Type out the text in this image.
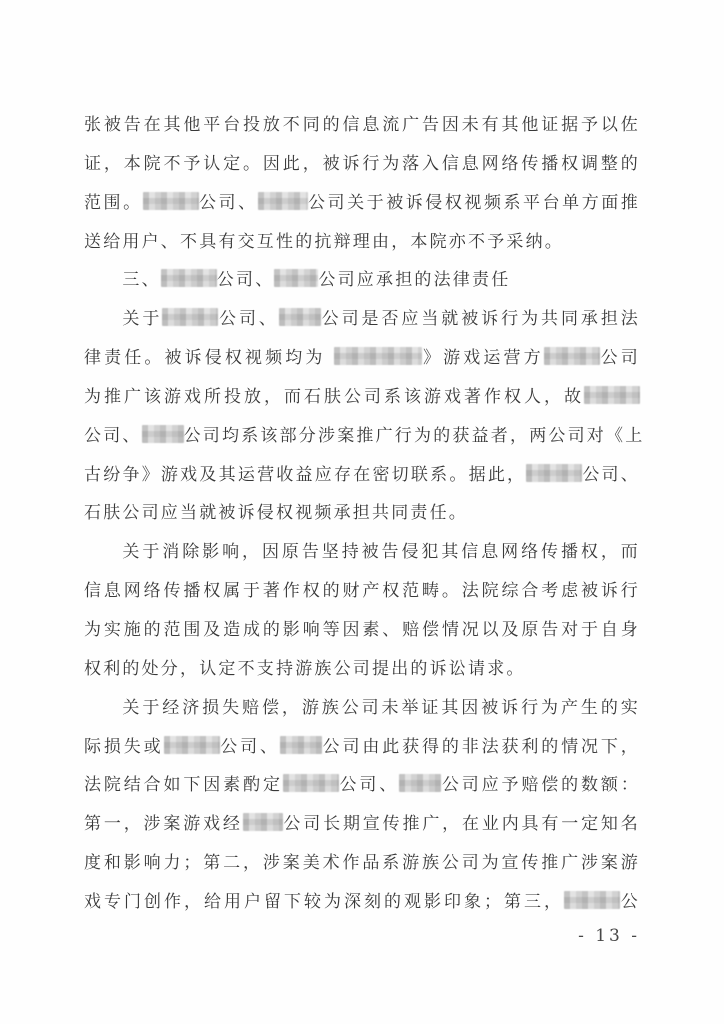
张被告在其他平台投放不同的信息流广告因未有其他证据予以佐
证，本院不予认定。因此，被诉行为落入信息网络传播权调整的
范围。	公司、	公司关于被诉侵权视频系平台单方面推
送给用户、不具有交互性的抗辩理由，本院亦不予采纳。
三、	公司、	公司应承担的法律责任
关于	公司、 公司是否应当就被诉行为共同承担法
律责任。被诉侵权视频均为	》游戏运营方	公司
为推广该游戏所投放，而石肤公司系该游戏著作权人，故
公司、 公司均系该部分涉案推广行为的获益者，两公司对《上
古纷争》游戏及其运营收益应存在密切联系。据此，	公司、
石肤公司应当就被诉侵权视频承担共同责任。
关于消除影响，因原告坚持被告侵犯其信息网络传播权，而
信息网络传播权属于著作权的财产权范畴。法院综合考虑被诉行
为实施的范围及造成的影响等因素、赔偿情况以及原告对于自身
权利的处分，认定不支持游族公司提出的诉讼请求。
关于经济损失赔偿，游族公司未举证其因被诉行为产生的实
际损失或	公司、 公司由此获得的非法获利的情况下，
法院结合如下因素酌定	公司、 公司应予赔偿的数额：
第一，涉案游戏经 公司长期宣传推广，在业内具有一定知名
度和影响力；第二，涉案美术作品系游族公司为宣传推广涉案游
戏专门创作，给用户留下较为深刻的观影印象；第三，	公
- 13 -
